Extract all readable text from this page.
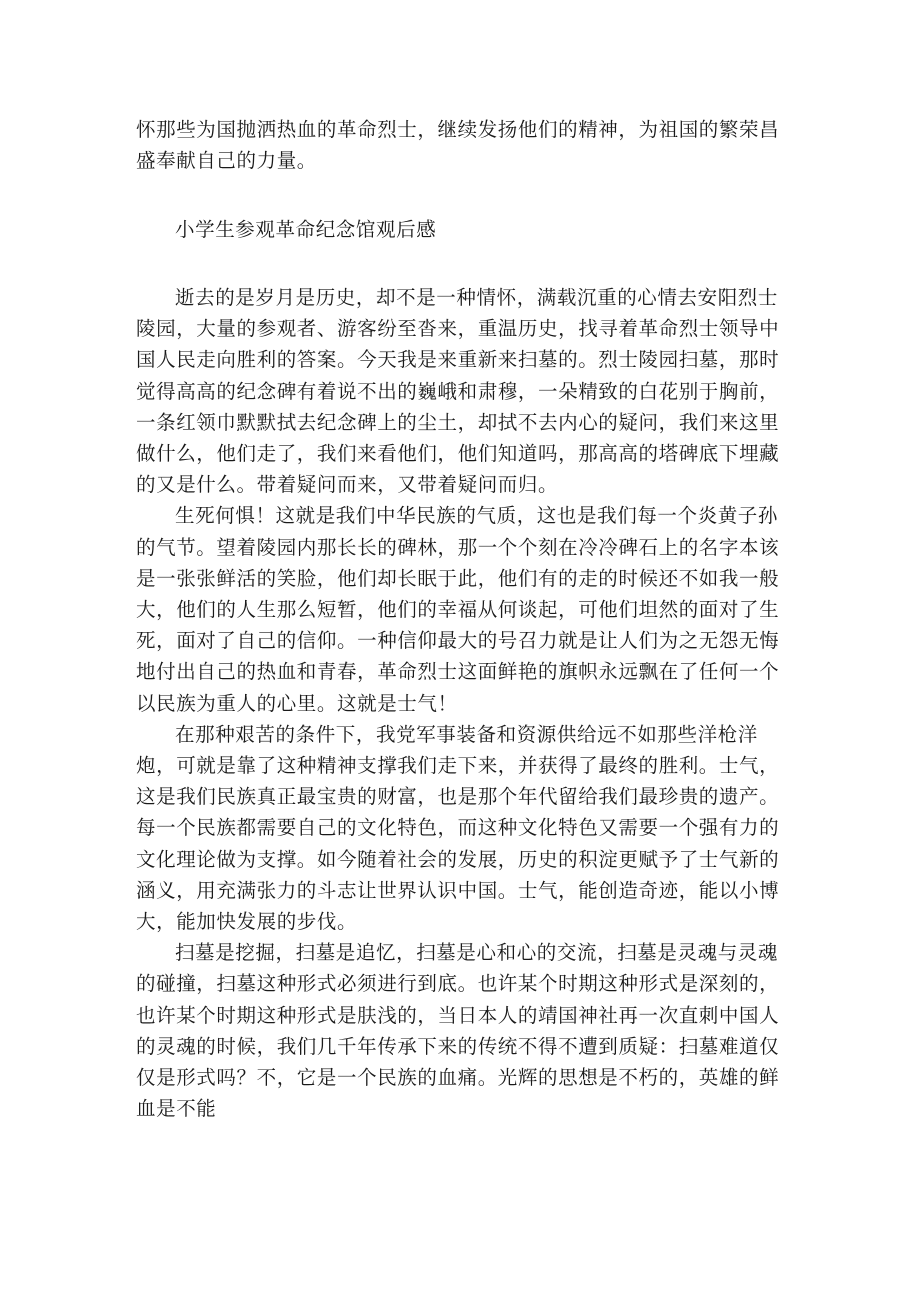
怀那些为国抛洒热血的革命烈士，继续发扬他们的精神，为祖国的繁荣昌盛奉献自己的力量。

小学生参观革命纪念馆观后感

逝去的是岁月是历史，却不是一种情怀，满载沉重的心情去安阳烈士陵园，大量的参观者、游客纷至沓来，重温历史，找寻着革命烈士领导中国人民走向胜利的答案。今天我是来重新来扫墓的。烈士陵园扫墓，那时觉得高高的纪念碑有着说不出的巍峨和肃穆，一朵精致的白花别于胸前，一条红领巾默默拭去纪念碑上的尘土，却拭不去内心的疑问，我们来这里做什么，他们走了，我们来看他们，他们知道吗，那高高的塔碑底下埋藏的又是什么。带着疑问而来，又带着疑问而归。

生死何惧！这就是我们中华民族的气质，这也是我们每一个炎黄子孙的气节。望着陵园内那长长的碑林，那一个个刻在冷冷碑石上的名字本该是一张张鲜活的笑脸，他们却长眠于此，他们有的走的时候还不如我一般大，他们的人生那么短暂，他们的幸福从何谈起，可他们坦然的面对了生死，面对了自己的信仰。一种信仰最大的号召力就是让人们为之无怨无悔地付出自己的热血和青春，革命烈士这面鲜艳的旗帜永远飘在了任何一个以民族为重人的心里。这就是士气！

在那种艰苦的条件下，我党军事装备和资源供给远不如那些洋枪洋炮，可就是靠了这种精神支撑我们走下来，并获得了最终的胜利。士气，这是我们民族真正最宝贵的财富，也是那个年代留给我们最珍贵的遗产。每一个民族都需要自己的文化特色，而这种文化特色又需要一个强有力的文化理论做为支撑。如今随着社会的发展，历史的积淀更赋予了士气新的涵义，用充满张力的斗志让世界认识中国。士气，能创造奇迹，能以小博大，能加快发展的步伐。

扫墓是挖掘，扫墓是追忆，扫墓是心和心的交流，扫墓是灵魂与灵魂的碰撞，扫墓这种形式必须进行到底。也许某个时期这种形式是深刻的，也许某个时期这种形式是肤浅的，当日本人的靖国神社再一次直刺中国人的灵魂的时候，我们几千年传承下来的传统不得不遭到质疑：扫墓难道仅仅是形式吗？不，它是一个民族的血痛。光辉的思想是不朽的，英雄的鲜血是不能
